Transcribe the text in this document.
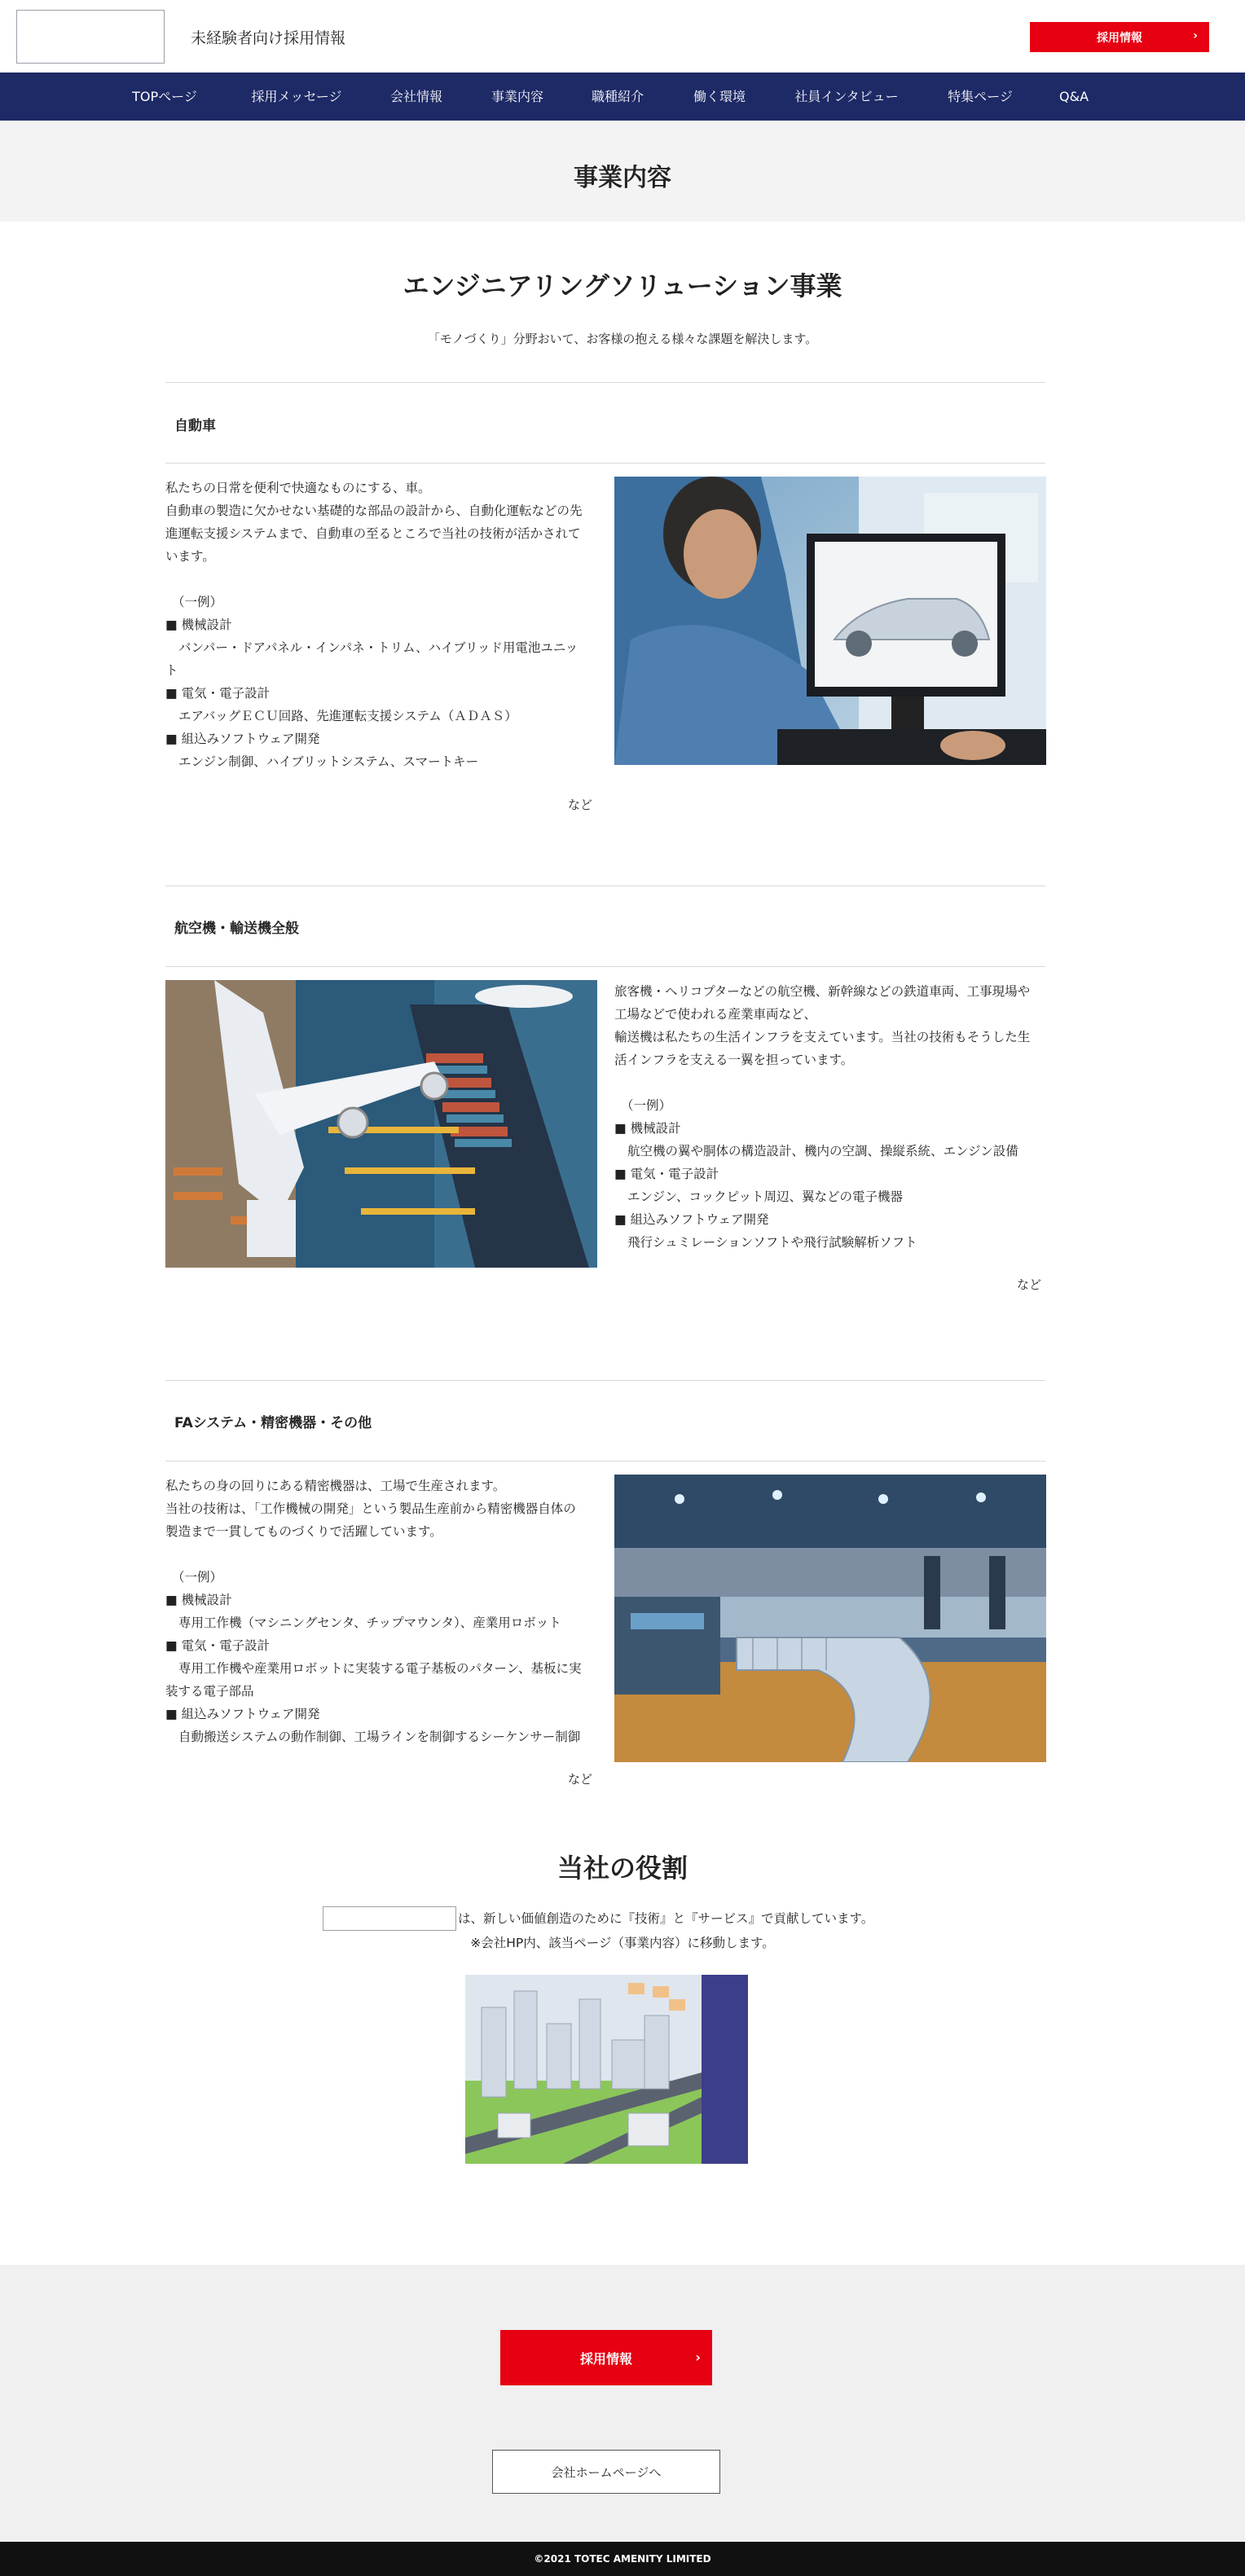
未経験者向け採用情報	採用情報	›
TOPページ	採用メッセージ	会社情報	事業内容	職種紹介	働く環境	社員インタビュー	特集ページ	Q&A
事業内容
エンジニアリングソリューション事業

「モノづくり」分野おいて、お客様の抱える様々な課題を解決します。

自動車

私たちの日常を便利で快適なものにする、車。

自動車の製造に欠かせない基礎的な部品の設計から、自動化運転などの先

進運転支援システムまで、自動車の至るところで当社の技術が活かされて

います。

（一例）

■ 機械設計

バンパー・ドアパネル・インパネ・トリム、ハイブリッド用電池ユニッ

ト

■ 電気・電子設計

エアバッグＥＣＵ回路、先進運転支援システム（ＡＤＡＳ）

■ 組込みソフトウェア開発

エンジン制御、ハイブリットシステム、スマートキー

など
航空機・輸送機全般

旅客機・ヘリコプターなどの航空機、新幹線などの鉄道車両、工事現場や

工場などで使われる産業車両など、

輸送機は私たちの生活インフラを支えています。当社の技術もそうした生

活インフラを支える一翼を担っています。

（一例）

■ 機械設計

航空機の翼や胴体の構造設計、機内の空調、操縦系統、エンジン設備

■ 電気・電子設計

エンジン、コックピット周辺、翼などの電子機器

■ 組込みソフトウェア開発

飛行シュミレーションソフトや飛行試験解析ソフト

など
FAシステム・精密機器・その他

私たちの身の回りにある精密機器は、工場で生産されます。

当社の技術は、「工作機械の開発」という製品生産前から精密機器自体の

製造まで一貫してものづくりで活躍しています。

（一例）

■ 機械設計

専用工作機（マシニングセンタ、チップマウンタ）、産業用ロボット

■ 電気・電子設計

専用工作機や産業用ロボットに実装する電子基板のパターン、基板に実

装する電子部品

■ 組込みソフトウェア開発

自動搬送システムの動作制御、工場ラインを制御するシーケンサー制御

など
当社の役割

は、新しい価値創造のために『技術』と『サービス』で貢献しています。

※会社HP内、該当ページ（事業内容）に移動します。

採用情報	›
会社ホームページへ
©2021 TOTEC AMENITY LIMITED
